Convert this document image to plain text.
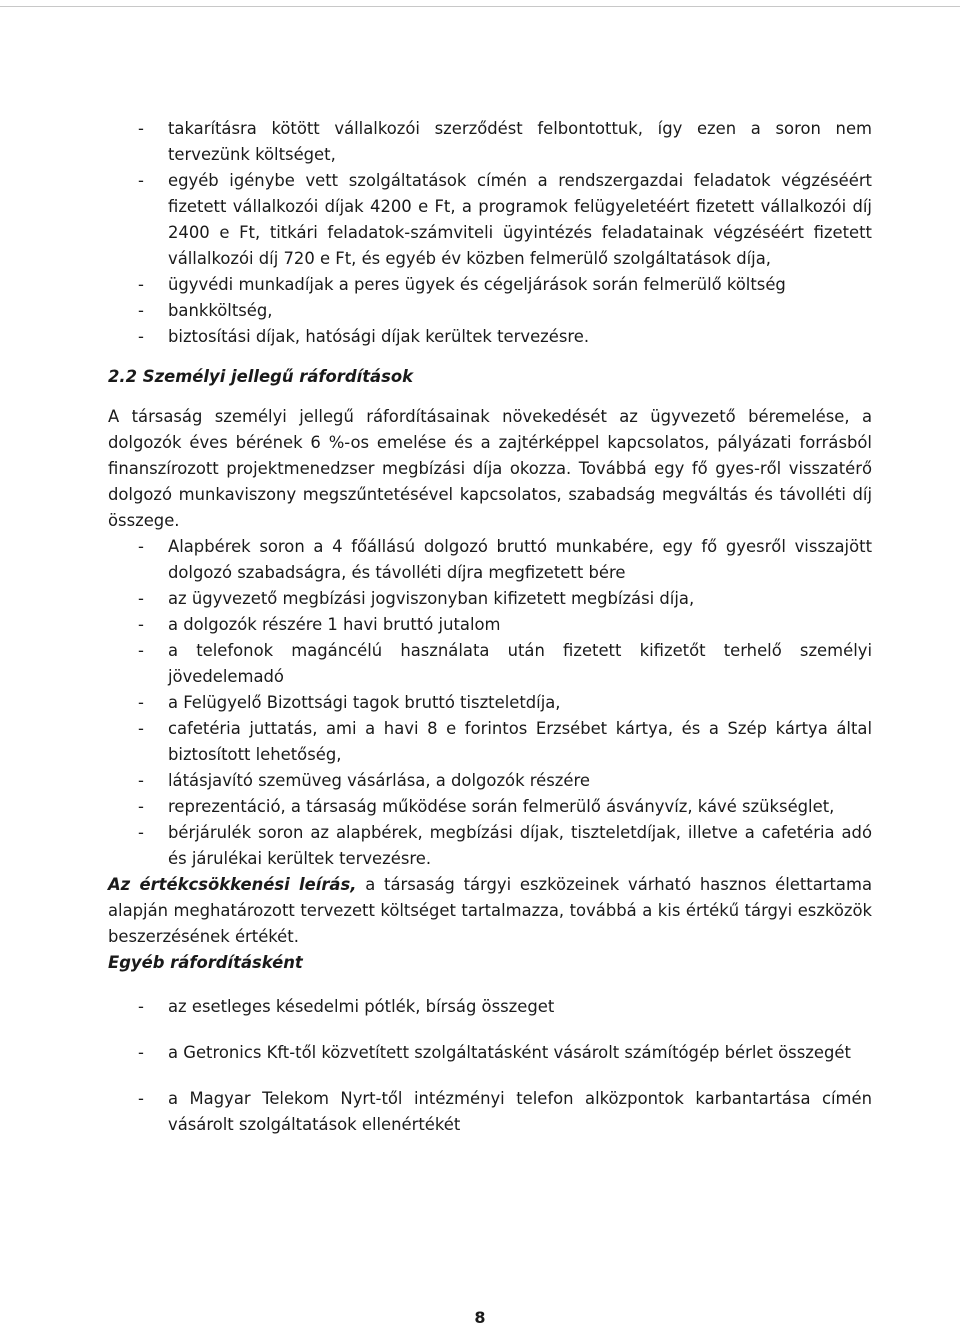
- takarításra kötött vállalkozói szerződést felbontottuk, így ezen a soron nem tervezünk költséget,
- egyéb igénybe vett szolgáltatások címén a rendszergazdai feladatok végzéséért fizetett vállalkozói díjak 4200 e Ft, a programok felügyeletéért fizetett vállalkozói díj 2400 e Ft, titkári feladatok-számviteli ügyintézés feladatainak végzéséért fizetett vállalkozói díj 720 e Ft, és egyéb év közben felmerülő szolgáltatások díja,
- ügyvédi munkadíjak a peres ügyek és cégeljárások során felmerülő költség
- bankköltség,
- biztosítási díjak, hatósági díjak kerültek tervezésre.
2.2 Személyi jellegű ráfordítások

A társaság személyi jellegű ráfordításainak növekedését az ügyvezető béremelése, a dolgozók éves bérének 6 %-os emelése és a zajtérképpel kapcsolatos, pályázati forrásból finanszírozott projektmenedzser megbízási díja okozza. Továbbá egy fő gyes-ről visszatérő dolgozó munkaviszony megszűntetésével kapcsolatos, szabadság megváltás és távolléti díj összege.

- Alapbérek soron a 4 főállású dolgozó bruttó munkabére, egy fő gyesről visszajött dolgozó szabadságra, és távolléti díjra megfizetett bére
- az ügyvezető megbízási jogviszonyban kifizetett megbízási díja,
- a dolgozók részére 1 havi bruttó jutalom
- a telefonok magáncélú használata után fizetett kifizetőt terhelő személyi jövedelemadó
- a Felügyelő Bizottsági tagok bruttó tiszteletdíja,
- cafetéria juttatás, ami a havi 8 e forintos Erzsébet kártya, és a Szép kártya által biztosított lehetőség,
- látásjavító szemüveg vásárlása, a dolgozók részére
- reprezentáció, a társaság működése során felmerülő ásványvíz, kávé szükséglet,
- bérjárulék soron az alapbérek, megbízási díjak, tiszteletdíjak, illetve a cafetéria adó és járulékai kerültek tervezésre.

Az értékcsökkenési leírás, a társaság tárgyi eszközeinek várható hasznos élettartama alapján meghatározott tervezett költséget tartalmazza, továbbá a kis értékű tárgyi eszközök beszerzésének értékét.

Egyéb ráfordításként
- az esetleges késedelmi pótlék, bírság összeget
- a Getronics Kft-től közvetített szolgáltatásként vásárolt számítógép bérlet összegét
- a Magyar Telekom Nyrt-től intézményi telefon alközpontok karbantartása címén vásárolt szolgáltatások ellenértékét
8
